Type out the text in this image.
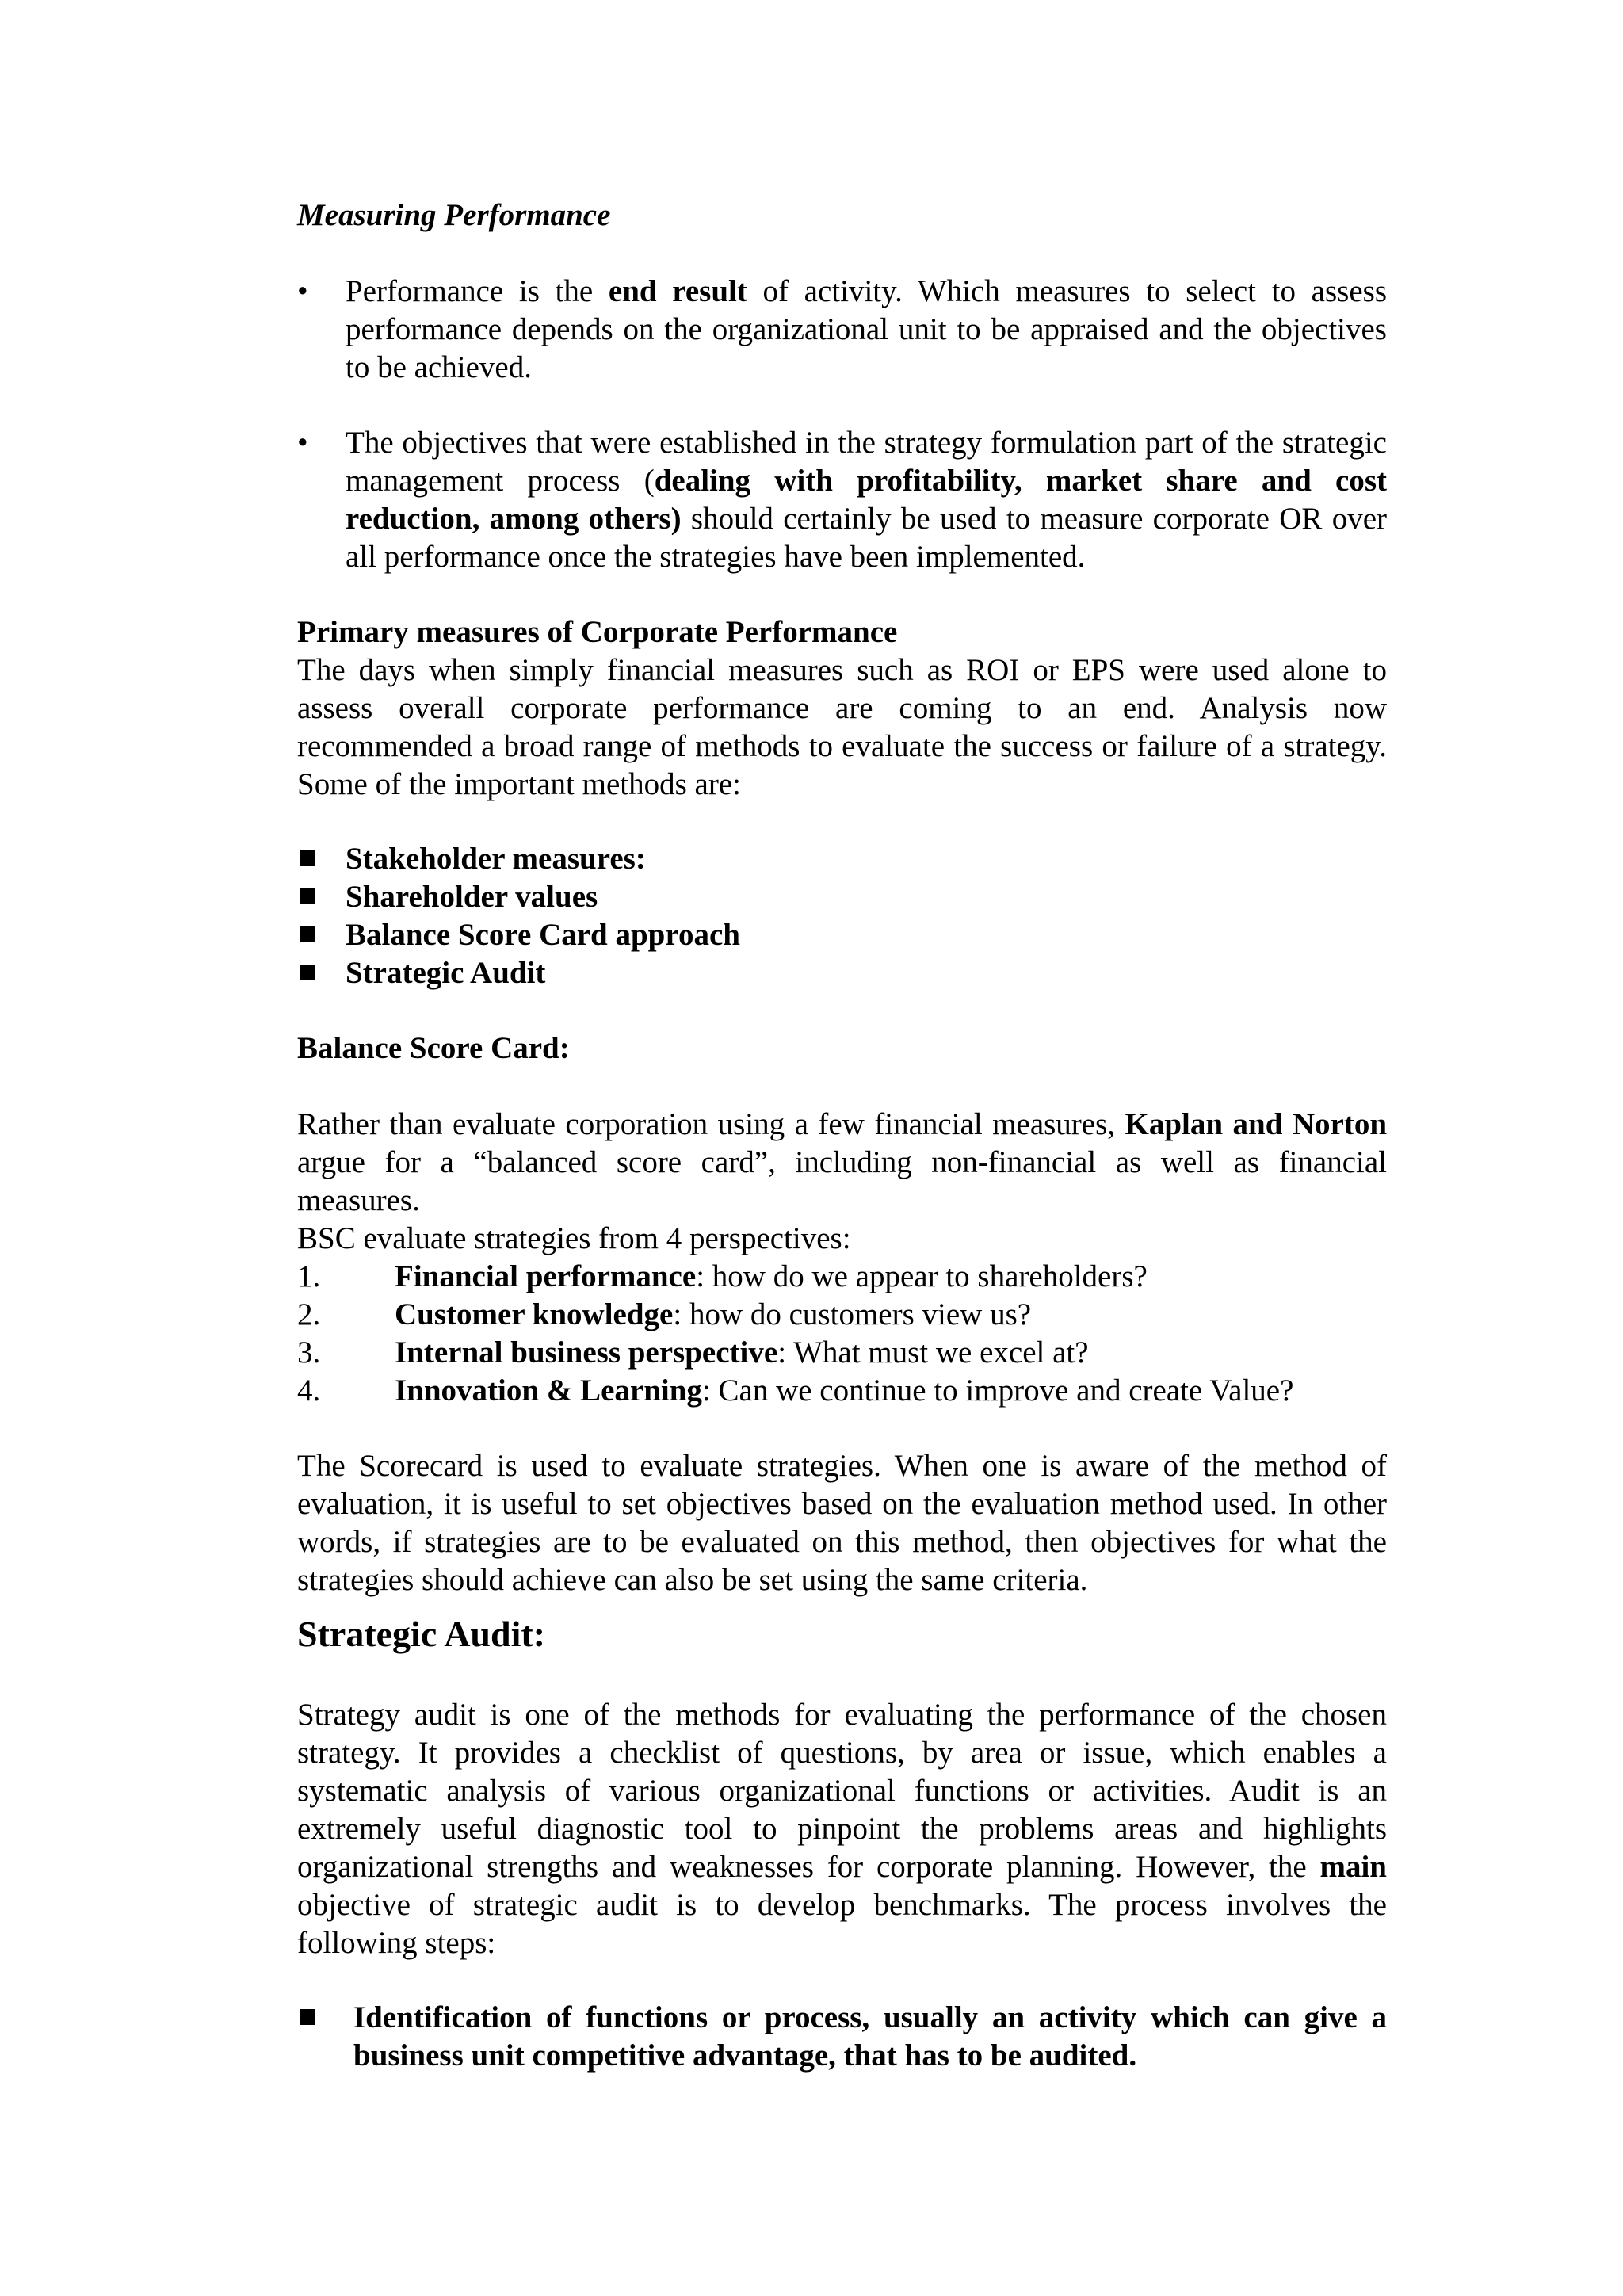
Measuring Performance
•	Performance is the end result of activity. Which measures to select to assess performance depends on the organizational unit to be appraised and the objectives to be achieved.
•	The objectives that were established in the strategy formulation part of the strategic management process (dealing with profitability, market share and cost reduction, among others) should certainly be used to measure corporate OR over all performance once the strategies have been implemented.
Primary measures of Corporate Performance
The days when simply financial measures such as ROI or EPS were used alone to assess overall corporate performance are coming to an end. Analysis now recommended a broad range of methods to evaluate the success or failure of a strategy. Some of the important methods are:
Stakeholder measures:
Shareholder values
Balance Score Card approach
Strategic Audit
Balance Score Card:
Rather than evaluate corporation using a few financial measures, Kaplan and Norton argue for a “balanced score card”, including non-financial as well as financial measures.
BSC evaluate strategies from 4 perspectives:
1. Financial performance: how do we appear to shareholders?
2. Customer knowledge: how do customers view us?
3. Internal business perspective: What must we excel at?
4. Innovation & Learning: Can we continue to improve and create Value?
The Scorecard is used to evaluate strategies. When one is aware of the method of evaluation, it is useful to set objectives based on the evaluation method used. In other words, if strategies are to be evaluated on this method, then objectives for what the strategies should achieve can also be set using the same criteria.
Strategic Audit:
Strategy audit is one of the methods for evaluating the performance of the chosen strategy. It provides a checklist of questions, by area or issue, which enables a systematic analysis of various organizational functions or activities. Audit is an extremely useful diagnostic tool to pinpoint the problems areas and highlights organizational strengths and weaknesses for corporate planning. However, the main objective of strategic audit is to develop benchmarks. The process involves the following steps:
Identification of functions or process, usually an activity which can give a business unit competitive advantage, that has to be audited.
